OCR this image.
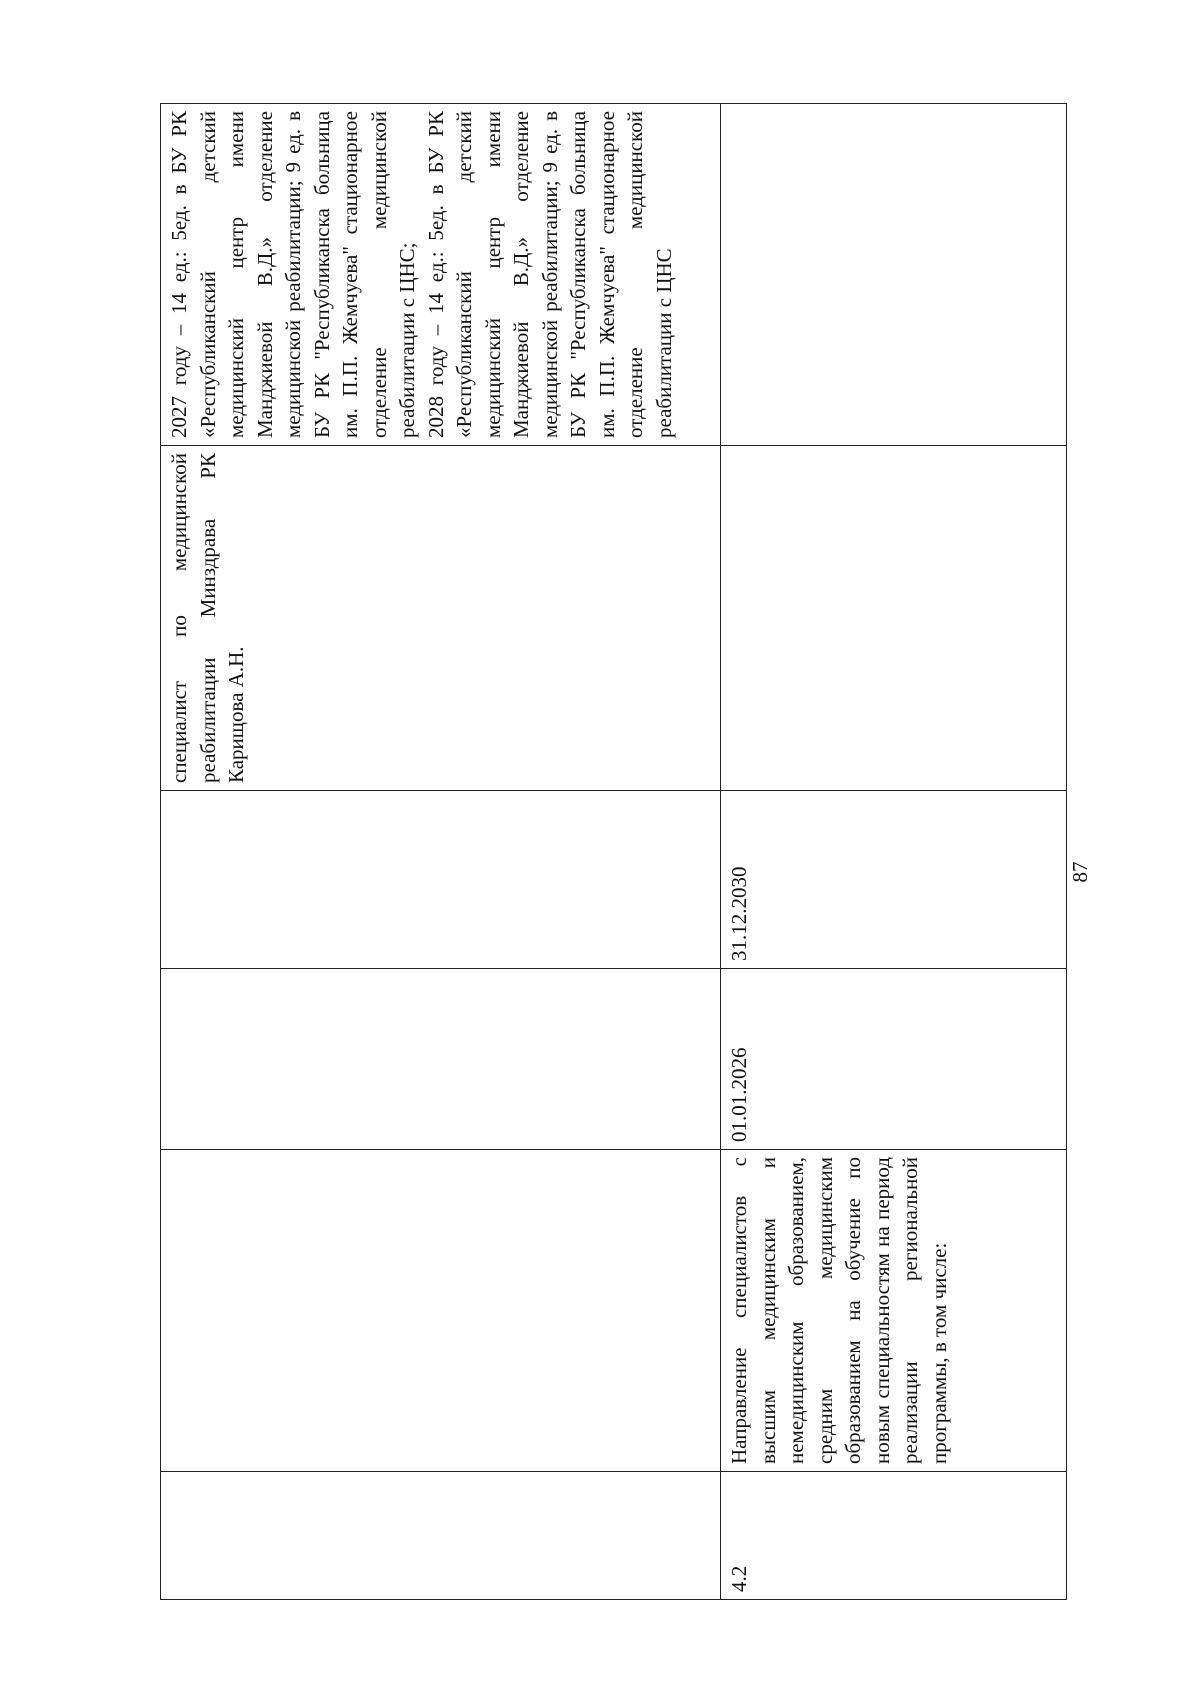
				специалист по медицинской реабилитации Минздрава РК Карищова А.Н.	2027 году – 14 ед.: 5ед. в БУ РК «Республиканский детский медицинский центр имени Манджиевой В.Д.» отделение медицинской реабилитации; 9 ед. в БУ РК "Республиканска больница им. П.П. Жемчуева" стационарное отделение медицинской реабилитации с ЦНС;
2028 году – 14 ед.: 5ед. в БУ РК «Республиканский детский медицинский центр имени Манджиевой В.Д.» отделение медицинской реабилитации; 9 ед. в БУ РК "Республиканска больница им. П.П. Жемчуева" стационарное отделение медицинской реабилитации с ЦНС
4.2	Направление специалистов с высшим медицинским и немедицинским образованием, средним медицинским образованием на обучение по новым специальностям на период реализации региональной программы, в том числе:	01.01.2026	31.12.2030			87
